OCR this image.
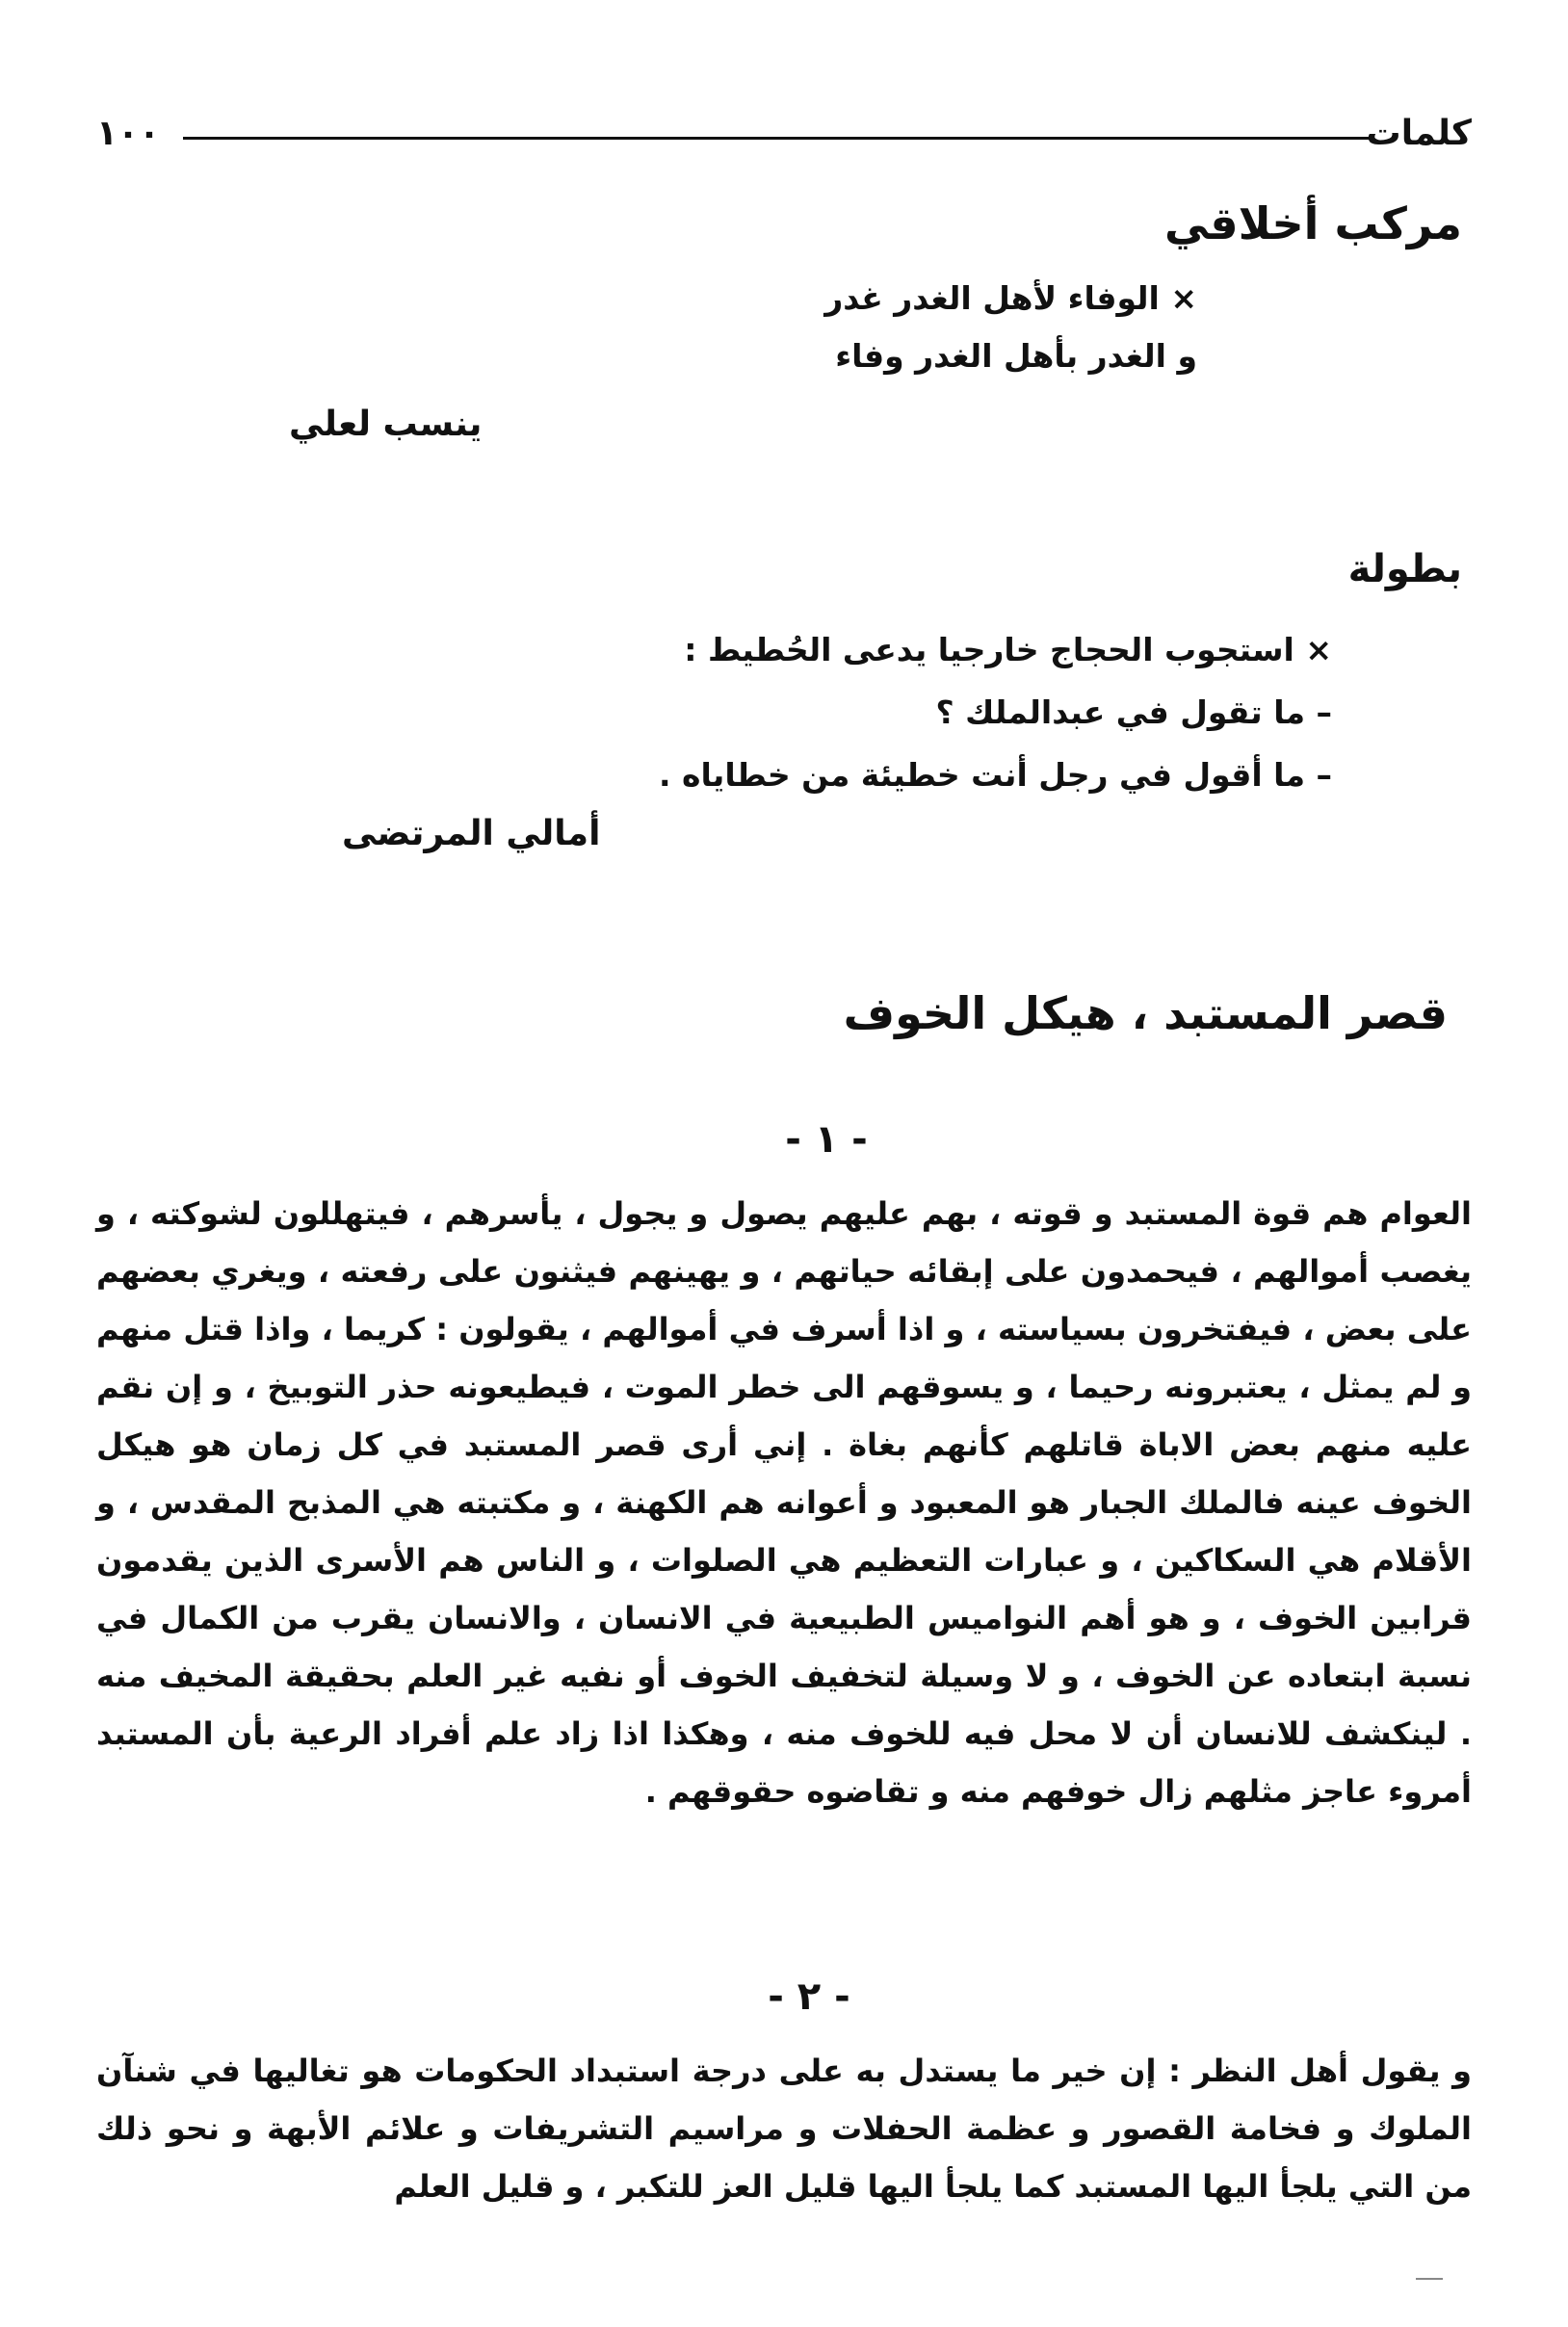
كلمات
١٠٠
مركب أخلاقي
× الوفاء لأهل الغدر غدر
و الغدر بأهل الغدر وفاء
ينسب لعلي
بطولة
× استجوب الحجاج خارجيا يدعى الحُطيط :
– ما تقول في عبدالملك ؟
– ما أقول في رجل أنت خطيئة من خطاياه .
أمالي المرتضى
قصر المستبد ، هيكل الخوف
- ١ -
العوام هم قوة المستبد و قوته ، بهم عليهم يصول و يجول ، يأسرهم ، فيتهللون لشوكته ، و يغصب أموالهم ، فيحمدون على إبقائه حياتهم ، و يهينهم فيثنون على رفعته ، ويغري بعضهم على بعض ، فيفتخرون بسياسته ، و اذا أسرف في أموالهم ، يقولون : كريما ، واذا قتل منهم و لم يمثل ، يعتبرونه رحيما ، و يسوقهم الى خطر الموت ، فيطيعونه حذر التوبيخ ، و إن نقم عليه منهم بعض الاباة قاتلهم كأنهم بغاة . إني أرى قصر المستبد في كل زمان هو هيكل الخوف عينه فالملك الجبار هو المعبود و أعوانه هم الكهنة ، و مكتبته هي المذبح المقدس ، و الأقلام هي السكاكين ، و عبارات التعظيم هي الصلوات ، و الناس هم الأسرى الذين يقدمون قرابين الخوف ، و هو أهم النواميس الطبيعية في الانسان ، والانسان يقرب من الكمال في نسبة ابتعاده عن الخوف ، و لا وسيلة لتخفيف الخوف أو نفيه غير العلم بحقيقة المخيف منه . لينكشف للانسان أن لا محل فيه للخوف منه ، وهكذا اذا زاد علم أفراد الرعية بأن المستبد أمروء عاجز مثلهم زال خوفهم منه و تقاضوه حقوقهم .
- ٢ -
و يقول أهل النظر : إن خير ما يستدل به على درجة استبداد الحكومات هو تغاليها في شنآن الملوك و فخامة القصور و عظمة الحفلات و مراسيم التشريفات و علائم الأبهة و نحو ذلك من التي يلجأ اليها المستبد كما يلجأ اليها قليل العز للتكبر ، و قليل العلم
